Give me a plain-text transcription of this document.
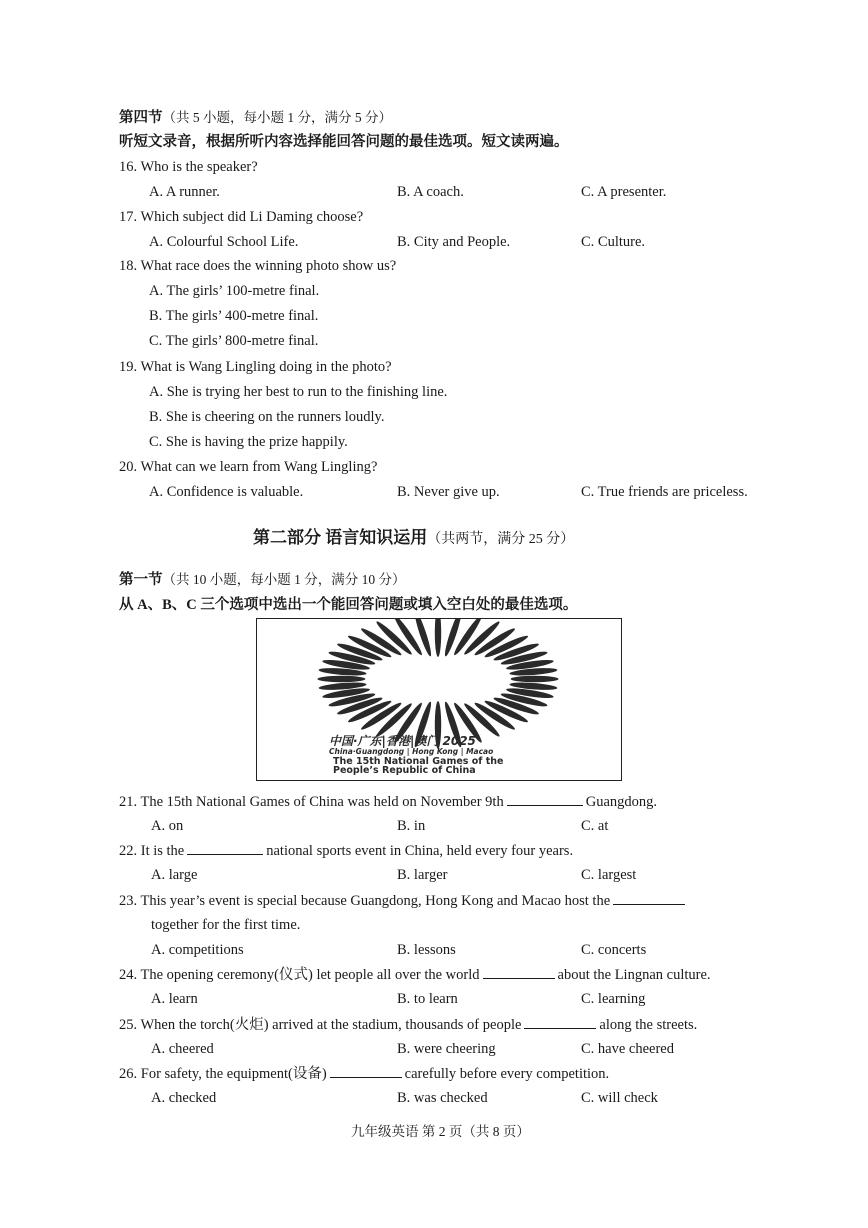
第四节（共 5 小题，每小题 1 分，满分 5 分）
听短文录音，根据所听内容选择能回答问题的最佳选项。短文读两遍。
16. Who is the speaker?
A. A runner.	B. A coach.	C. A presenter.
17. Which subject did Li Daming choose?
A. Colourful School Life.	B. City and People.	C. Culture.
18. What race does the winning photo show us?
A. The girls’ 100-metre final.
B. The girls’ 400-metre final.
C. The girls’ 800-metre final.
19. What is Wang Lingling doing in the photo?
A. She is trying her best to run to the finishing line.
B. She is cheering on the runners loudly.
C. She is having the prize happily.
20. What can we learn from Wang Lingling?
A. Confidence is valuable.	B. Never give up.	C. True friends are priceless.
第二部分 语言知识运用（共两节，满分 25 分）
第一节（共 10 小题，每小题 1 分，满分 10 分）
从 A、B、C 三个选项中选出一个能回答问题或填入空白处的最佳选项。
中国·广东|香港|澳门 2025
China·Guangdong | Hong Kong | Macao
The 15th National Games of the
People’s Republic of China
21. The 15th National Games of China was held on November 9th	Guangdong.
A. on	B. in	C. at
22. It is the	national sports event in China, held every four years.
A. large	B. larger	C. largest
23. This year’s event is special because Guangdong, Hong Kong and Macao host the
together for the first time.
A. competitions	B. lessons	C. concerts
24. The opening ceremony(仪式) let people all over the world	about the Lingnan culture.
A. learn	B. to learn	C. learning
25. When the torch(火炬) arrived at the stadium, thousands of people	along the streets.
A. cheered	B. were cheering	C. have cheered
26. For safety, the equipment(设备)	carefully before every competition.
A. checked	B. was checked	C. will check
九年级英语 第 2 页（共 8 页）
